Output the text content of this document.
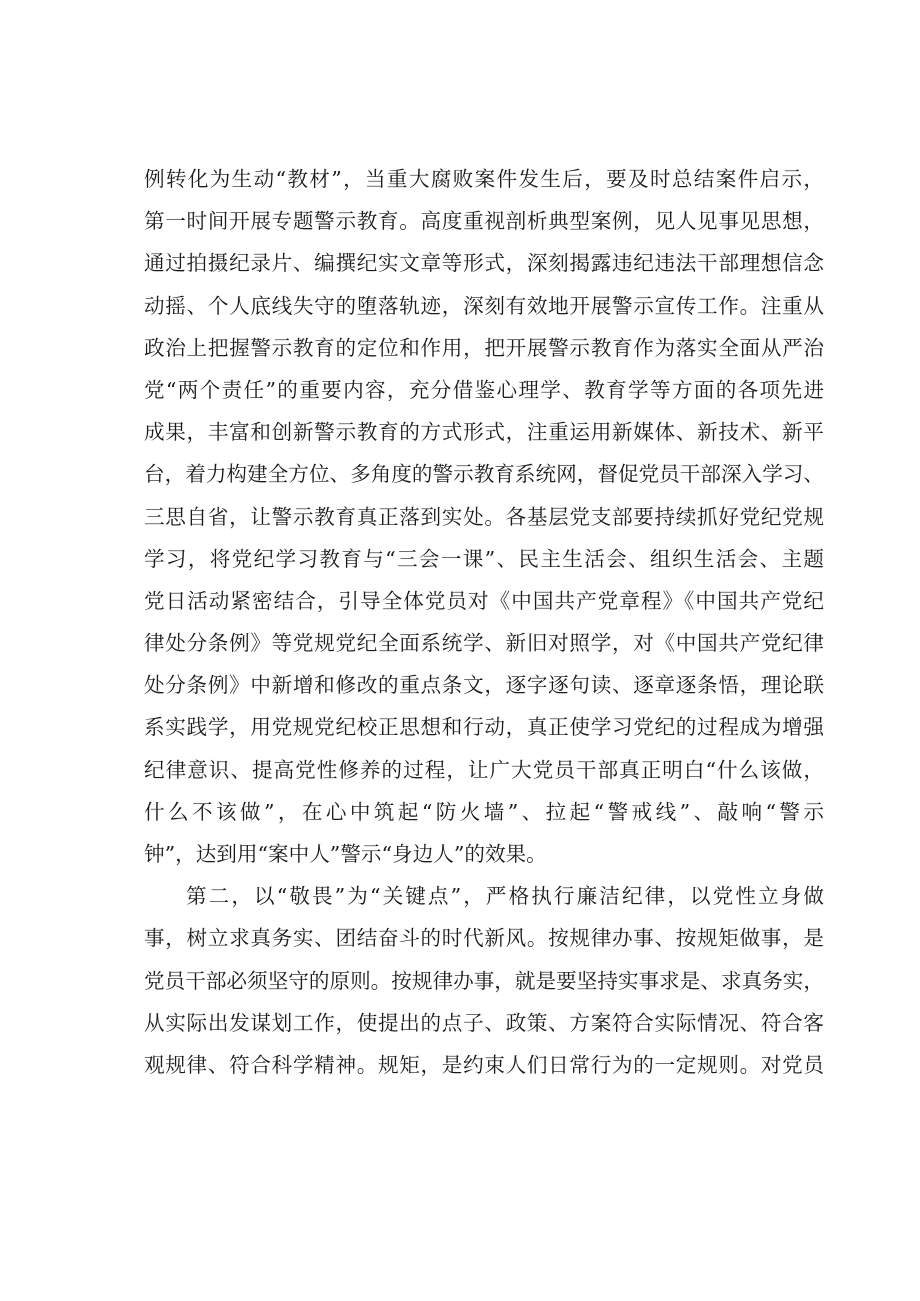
例转化为生动“教材”，当重大腐败案件发生后，要及时总结案件启示，
第一时间开展专题警示教育。高度重视剖析典型案例，见人见事见思想，
通过拍摄纪录片、编撰纪实文章等形式，深刻揭露违纪违法干部理想信念
动摇、个人底线失守的堕落轨迹，深刻有效地开展警示宣传工作。注重从
政治上把握警示教育的定位和作用，把开展警示教育作为落实全面从严治
党“两个责任”的重要内容，充分借鉴心理学、教育学等方面的各项先进
成果，丰富和创新警示教育的方式形式，注重运用新媒体、新技术、新平
台，着力构建全方位、多角度的警示教育系统网，督促党员干部深入学习、
三思自省，让警示教育真正落到实处。各基层党支部要持续抓好党纪党规
学习，将党纪学习教育与“三会一课”、民主生活会、组织生活会、主题
党日活动紧密结合，引导全体党员对《中国共产党章程》《中国共产党纪
律处分条例》等党规党纪全面系统学、新旧对照学，对《中国共产党纪律
处分条例》中新增和修改的重点条文，逐字逐句读、逐章逐条悟，理论联
系实践学，用党规党纪校正思想和行动，真正使学习党纪的过程成为增强
纪律意识、提高党性修养的过程，让广大党员干部真正明白“什么该做，
什么不该做”，在心中筑起“防火墙”、拉起“警戒线”、敲响“警示
钟”，达到用“案中人”警示“身边人”的效果。
第二，以“敬畏”为“关键点”，严格执行廉洁纪律，以党性立身做
事，树立求真务实、团结奋斗的时代新风。按规律办事、按规矩做事，是
党员干部必须坚守的原则。按规律办事，就是要坚持实事求是、求真务实，
从实际出发谋划工作，使提出的点子、政策、方案符合实际情况、符合客
观规律、符合科学精神。规矩，是约束人们日常行为的一定规则。对党员
